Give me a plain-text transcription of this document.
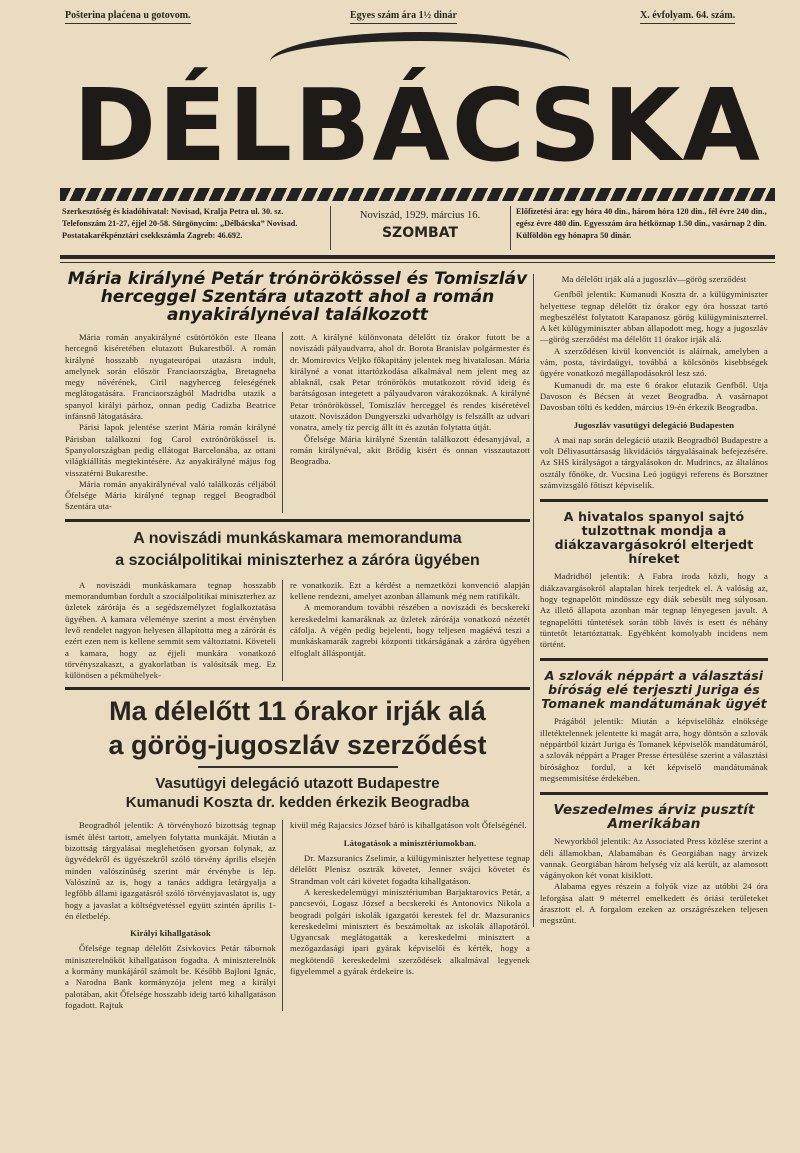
Pošterina plaćena u gotovom.	Egyes szám ára 1½ dinár	X. évfolyam. 64. szám.
DÉLBÁCSKA
Szerkesztőség és kiadóhivatal: Novisad, Kralja Petra ul. 30. sz. Telefonszám 21-27, éjjel 20-58. Sürgönycím: „Délbácska” Novisad. Postatakarékpénztári csekkszámla Zagreb: 46.692.
Noviszád, 1929. március 16.
SZOMBAT
Előfizetési ára: egy hóra 40 din., három hóra 120 din., fél évre 240 din., egész évre 480 din. Egyesszám ára hétköznap 1.50 din., vasárnap 2 din. Külföldön egy hónapra 50 dinár.
Mária királyné Petár trónörökössel és Tomiszláv herceggel Szentára utazott ahol a román anyakirálynéval találkozott

Mária román anyakirályné csütörtökön este Ileana hercegnő kiséretében elutazott Bukarestből. A román királyné hosszabb nyugateurópai utazásra indult, amelynek során először Franciaországba, Bretagneba megy nővérének, Ciril nagyherceg feleségének meglátogatására. Franciaországból Madridba utazik a spanyol királyi párhoz, onnan pedig Cadizba Beatrice infánsnő látogatására.

Párisi lapok jelentése szerint Mária román királyné Párisban találkozni fog Carol extrónörökössel is. Spanyolországban pedig ellátogat Barcelonába, az ottani világkiállítás megtekintésére. Az anyakirályné május fog visszatérni Bukarestbe.

Mária román anyakirálynéval való találkozás céljából Őfelsége Mária királyné tegnap reggel Beogradból Szentára uta-

zott. A királyné különvonata délelőtt tíz órakor futott be a noviszádi pályaudvarra, ahol dr. Borota Branislav polgármester és dr. Momirovics Veljko főkapitány jelentek meg hivatalosan. Mária királyné a vonat ittartózkodása alkalmával nem jelent meg az ablaknál, csak Petar trónörökös mutatkozott rövid ideig és barátságosan integetett a pályaudvaron várakozóknak. A királyné Petar trónörökössel, Tomiszláv herceggel és rendes kiséretével utazott. Noviszádon Dungyerszki udvarhölgy is felszállt az udvari vonatra, amely tíz percig állt itt és azután folytatta útját.

Őfelsége Mária királyné Szentán találkozott édesanyjával, a román királynéval, akit Brődig kisért és onnan visszautazott Beogradba.

A noviszádi munkáskamara memoranduma
a szociálpolitikai miniszterhez a záróra ügyében

A noviszádi munkáskamara tegnap hosszabb memorandumban fordult a szociálpolitikai miniszterhez az üzletek zárórája és a segédszemélyzet foglalkoztatása ügyében. A kamara véleménye szerint a most érvényben levő rendelet nagyon helyesen állapította meg a zárórát és ezért ezen nem is kellene semmit sem változtatni. Követeli a kamara, hogy az éjjeli munkára vonatkozó törvényszakaszt, a gyakorlatban is valósítsák meg. Ez különösen a pékmühelyek-

re vonatkozik. Ezt a kérdést a nemzetközi konvenció alapján kellene rendezni, amelyet azonban államunk még nem ratifikált.

A memorandum további részében a noviszádi és becskereki kereskedelmi kamaráknak az üzletek zárórája vonatkozó nézetét cáfolja. A végén pedig bejelenti, hogy teljesen magáévá teszi a munkáskamarák zagrebi központi titkárságának a záróra ügyében elfoglalt álláspontját.

Ma délelőtt 11 órakor irják alá
a görög-jugoszláv szerződést
Vasutügyi delegáció utazott Budapestre
Kumanudi Koszta dr. kedden érkezik Beogradba

Beogradból jelentik: A törvényhozó bizottság tegnap ismét ülést tartott, amelyen folytatta munkáját. Miután a bizottság tárgyalásai meglehetősen gyorsan folynak, az ügyvédekről és ügyészekről szóló törvény április elsején minden valószínűség szerint már érvénybe is lép. Valószínű az is, hogy a tanács addigra letárgyalja a legfőbb állami igazgatásról szóló törvényjavaslatot is, ugy hogy a javaslat a költségvetéssel együtt szintén április 1-én életbelép.

Királyi kihallgatások

Őfelsége tegnap délelőtt Zsivkovics Petár tábornok miniszterelnököt kihallgatáson fogadta. A miniszterelnök a kormány munkájáról számolt be. Később Bajloni Ignác, a Narodna Bank kormányzója jelent meg a királyi palotában, akit Őfelsége hosszabb ideig tartó kihallgatáson fogadott. Rajtuk

kivül még Rajacsics József báró is kihallgatáson volt Őfelségénél.

Látogatások a minisztériumokban.

Dr. Mazsuranics Zselimir, a külügyminiszter helyettese tegnap délelőtt Plenisz osztrák követet, Jenner svájci követet és Strandman volt cári követet fogadta kihallgatáson.

A kereskedelemügyi minisztériumban Barjaktarovics Petár, a pancsevói, Logasz József a becskereki és Antonovics Nikola a beogradi polgári iskolák igazgatói kerestek fel dr. Mazsuranics kereskedelmi minisztert és beszámoltak az iskolák állapotáról. Ugyancsak meglátogatták a kereskedelmi minisztert a mezőgazdasági ipari gyárak képviselői és kérték, hogy a megkötendő kereskedelmi szerződések alkalmával legyenek figyelemmel a gyárak érdekeire is.

Ma délelőtt irják alá a jugoszláv—görög szerződést

Genfből jelentik: Kumanudi Koszta dr. a külügyminiszter helyettese tegnap délelőtt tíz órakor egy óra hosszat tartó megbeszélést folytatott Karapanosz görög külügyminiszterrel. A két külügyminiszter abban állapodott meg, hogy a jugoszláv—görög szerződést ma délelőtt 11 órakor irják alá.

A szerződésen kivül konvenciót is aláírnak, amelyben a vám, posta, távirdaügyi, továbbá a kölcsönös kisebbségek ügyére vonatkozó megállapodásokról lesz szó.

Kumanudi dr. ma este 6 órakor elutazik Genfből. Utja Davoson és Bécsen át vezet Beogradba. A vasárnapot Davosban tölti és kedden, március 19-én érkezik Beogradba.

Jugoszláv vasutügyi delegáció Budapesten

A mai nap során delegáció utazik Beogradból Budapestre a volt Délivasuttársaság likvidációs tárgyalásainak befejezésére. Az SHS királyságot a tárgyalásokon dr. Mudrincs, az általános osztály főnöke, dr. Vucsina Leó jogügyi referens és Borsztner számvizsgáló főtiszt képviselik.

A hivatalos spanyol sajtó tulzottnak mondja a diákzavargásokról elterjedt híreket

Madridból jelentik: A Fabra iroda közli, hogy a diákzavargásokról alaptalan hírek terjedtek el. A valóság az, hogy tegnapelőtt mindössze egy diák sebesült meg súlyosan. Az illető állapota azonban már tegnap lényegesen javult. A tegnapelőtti tüntetések során több lövés is esett és néhány tüntetőt letartóztattak. Egyébként komolyabb incidens nem történt.

A szlovák néppárt a választási bíróság elé terjeszti Juriga és Tomanek mandátumának ügyét

Prágából jelentik: Miután a képviselőház elnöksége illetéktelennek jelentette ki magát arra, hogy döntsön a szlovák néppártból kizárt Juriga és Tomanek képviselők mandátumáról, a szlovák néppárt a Prager Presse értesülése szerint a választási bírósághoz fordul, a két képviselő mandátumának megsemmisítése érdekében.

Veszedelmes árviz pusztít Amerikában

Newyorkból jelentik: Az Associated Press közlése szerint a déli államokban, Alabamában és Georgiában nagy árvizek vannak. Georgiában három helység víz alá került, az alamosott vágányokon két vonat kisiklott.

Alabama egyes részein a folyók vize az utóbbi 24 óra leforgása alatt 9 méterrel emelkedett és óriási területeket árasztott el. A forgalom ezeken az országrészeken teljesen megszűnt.
